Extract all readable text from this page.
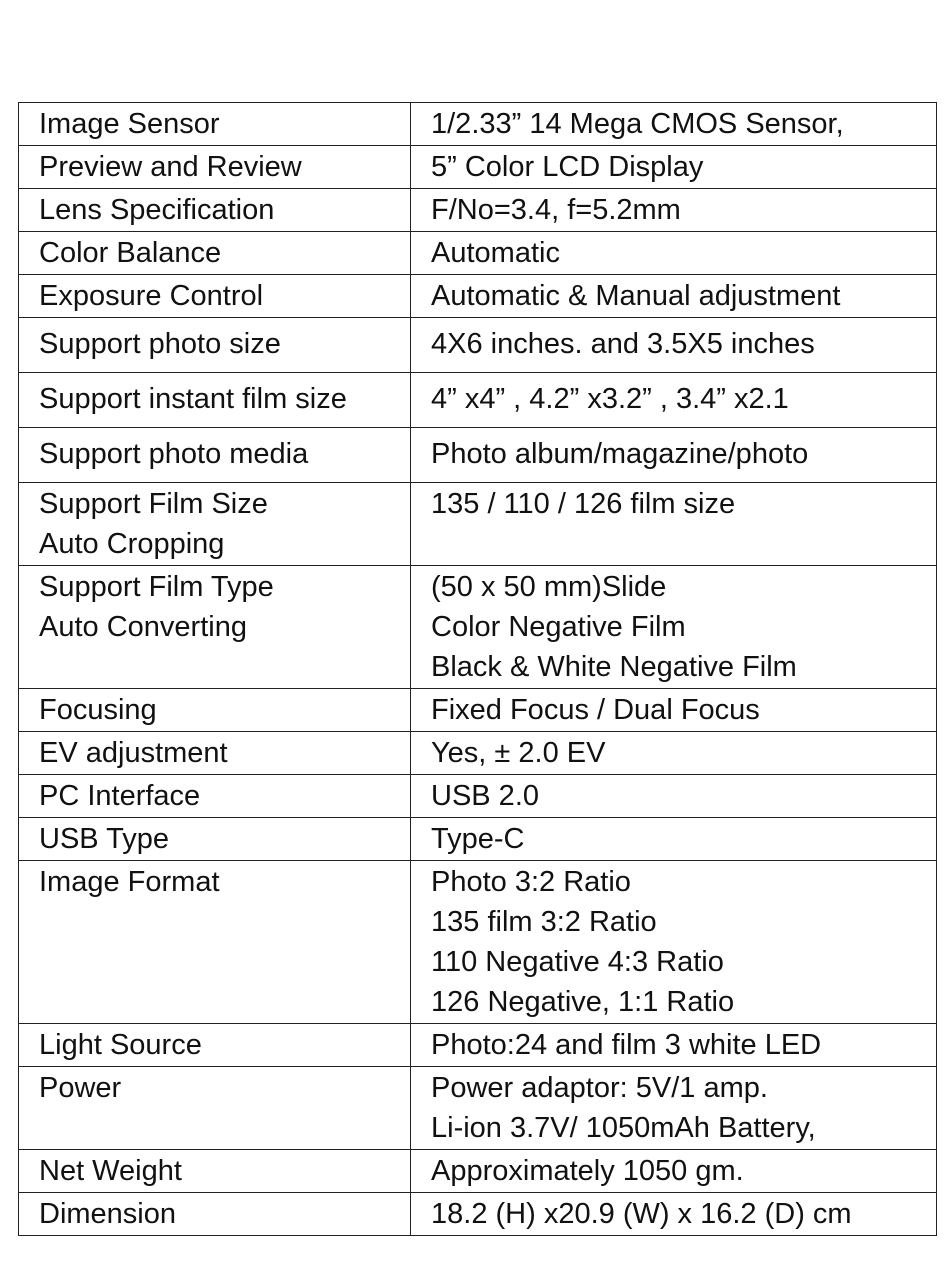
Image Sensor	1/2.33” 14 Mega CMOS Sensor,

Preview and Review	5” Color LCD Display

Lens Specification	F/No=3.4, f=5.2mm

Color Balance	Automatic

Exposure Control	Automatic & Manual adjustment

Support photo size	4X6 inches. and 3.5X5 inches

Support instant film size	4” x4” , 4.2” x3.2” , 3.4” x2.1

Support photo media	Photo album/magazine/photo

Support Film Size
Auto Cropping	135 / 110 / 126 film size

Support Film Type
Auto Converting	(50 x 50 mm)Slide
Color Negative Film
Black & White Negative Film

Focusing	Fixed Focus / Dual Focus

EV adjustment	Yes, ± 2.0 EV

PC Interface	USB 2.0

USB Type	Type-C

Image Format	Photo 3:2 Ratio
135 film 3:2 Ratio
110 Negative 4:3 Ratio
126 Negative, 1:1 Ratio

Light Source	Photo:24 and film 3 white LED

Power	Power adaptor: 5V/1 amp.
Li-ion 3.7V/ 1050mAh Battery,

Net Weight	Approximately 1050 gm.

Dimension	18.2 (H) x20.9 (W) x 16.2 (D) cm
